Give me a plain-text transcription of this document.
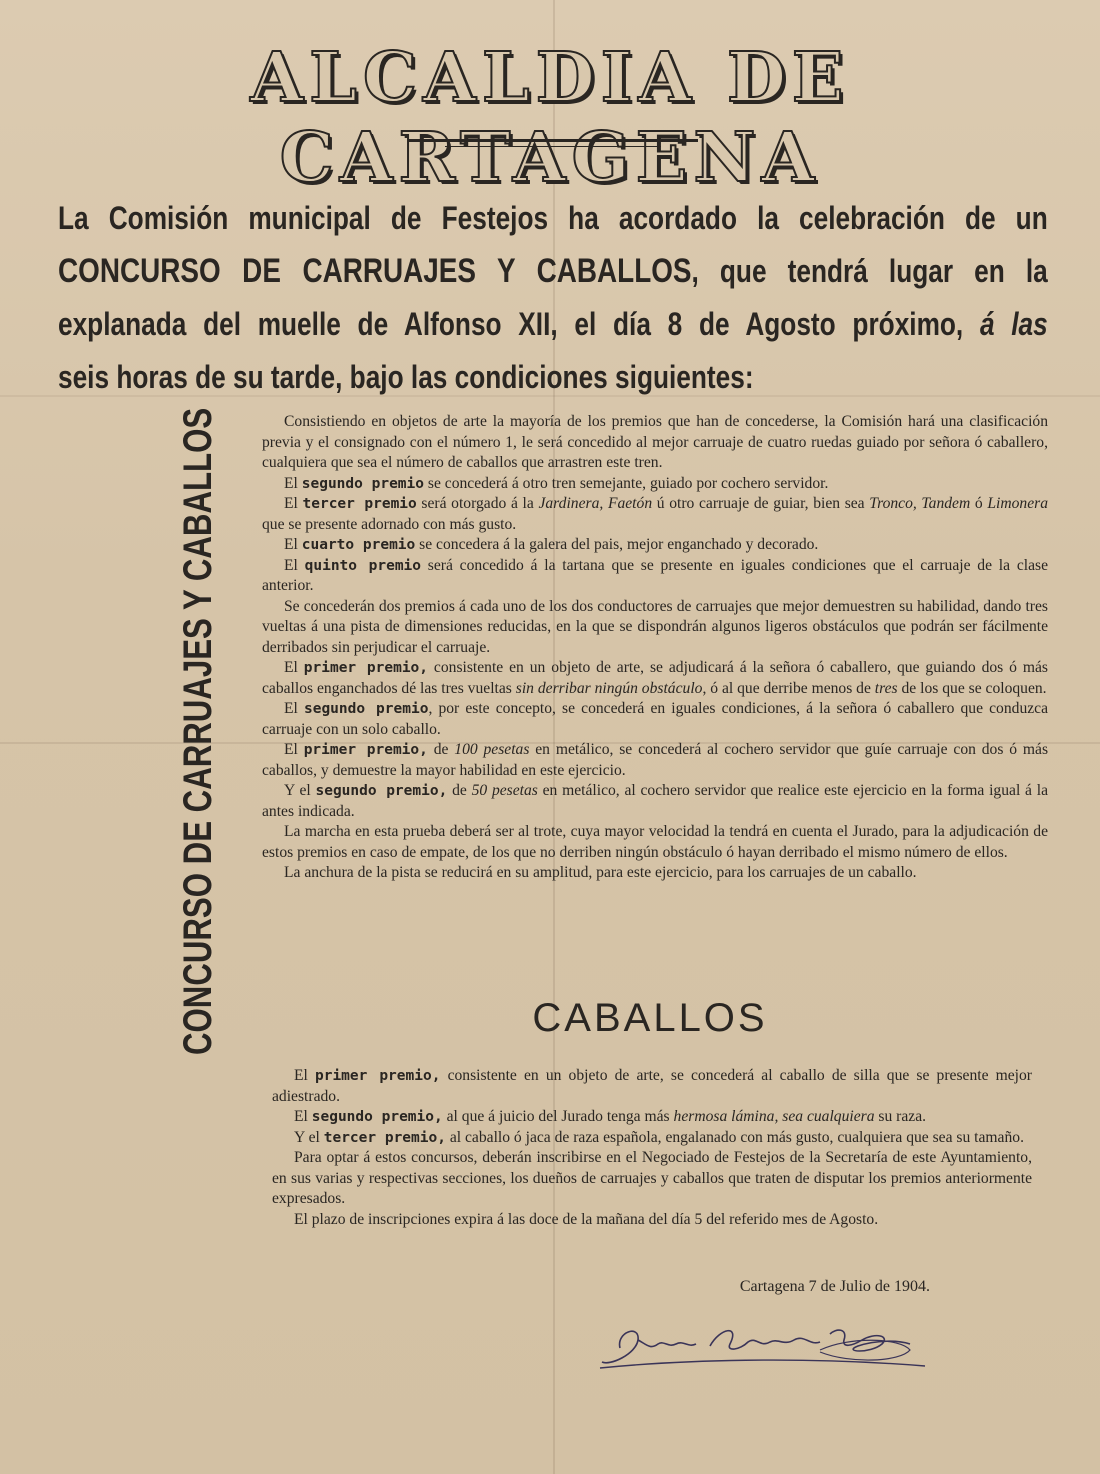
ALCALDIA DE CARTAGENA
La Comisión municipal de Festejos ha acordado la celebración de un
CONCURSO DE CARRUAJES Y CABALLOS, que tendrá lugar en la
explanada del muelle de Alfonso XII, el día 8 de Agosto próximo, á las
seis horas de su tarde, bajo las condiciones siguientes:
CONCURSO DE CARRUAJES Y CABALLOS	Consistiendo en objetos de arte la mayoría de los premios que han de concederse, la Comisión hará una clasificación previa y el consignado con el número 1, le será concedido al mejor carruaje de cuatro ruedas guiado por señora ó caballero, cualquiera que sea el número de caballos que arrastren este tren.

El segundo premio se concederá á otro tren semejante, guiado por cochero servidor.

El tercer premio será otorgado á la Jardinera, Faetón ú otro carruaje de guiar, bien sea Tronco, Tandem ó Limonera que se presente adornado con más gusto.

El cuarto premio se concedera á la galera del pais, mejor enganchado y decorado.

El quinto premio será concedido á la tartana que se presente en iguales condiciones que el carruaje de la clase anterior.

Se concederán dos premios á cada uno de los dos conductores de carruajes que mejor demuestren su habilidad, dando tres vueltas á una pista de dimensiones reducidas, en la que se dispondrán algunos ligeros obstáculos que podrán ser fácilmente derribados sin perjudicar el carruaje.

El primer premio, consistente en un objeto de arte, se adjudicará á la señora ó caballero, que guiando dos ó más caballos enganchados dé las tres vueltas sin derribar ningún obstáculo, ó al que derribe menos de tres de los que se coloquen.

El segundo premio, por este concepto, se concederá en iguales condiciones, á la señora ó caballero que conduzca carruaje con un solo caballo.

El primer premio, de 100 pesetas en metálico, se concederá al cochero servidor que guíe carruaje con dos ó más caballos, y demuestre la mayor habilidad en este ejercicio.

Y el segundo premio, de 50 pesetas en metálico, al cochero servidor que realice este ejercicio en la forma igual á la antes indicada.

La marcha en esta prueba deberá ser al trote, cuya mayor velocidad la tendrá en cuenta el Jurado, para la adjudicación de estos premios en caso de empate, de los que no derriben ningún obstáculo ó hayan derribado el mismo número de ellos.

La anchura de la pista se reducirá en su amplitud, para este ejercicio, para los carruajes de un caballo.

CABALLOS

El primer premio, consistente en un objeto de arte, se concederá al caballo de silla que se presente mejor adiestrado.

El segundo premio, al que á juicio del Jurado tenga más hermosa lámina, sea cualquiera su raza.

Y el tercer premio, al caballo ó jaca de raza española, engalanado con más gusto, cualquiera que sea su tamaño.

Para optar á estos concursos, deberán inscribirse en el Negociado de Festejos de la Secretaría de este Ayuntamiento, en sus varias y respectivas secciones, los dueños de carruajes y caballos que traten de disputar los premios anteriormente expresados.

El plazo de inscripciones expira á las doce de la mañana del día 5 del referido mes de Agosto.

Cartagena 7 de Julio de 1904.
